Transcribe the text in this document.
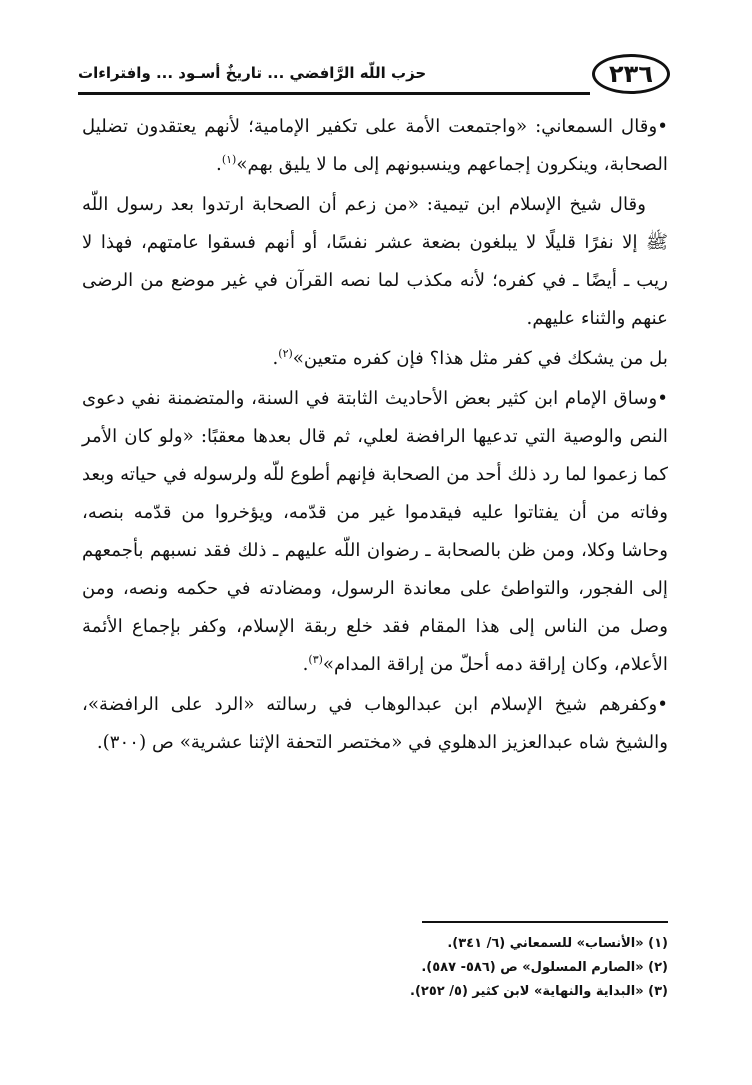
٢٣٦
حزب اللّه الرَّافضي ... تاريخٌ أسـود ... وافتراءات

•وقال السمعاني: «واجتمعت الأمة على تكفير الإمامية؛ لأنهم يعتقدون تضليل الصحابة، وينكرون إجماعهم وينسبونهم إلى ما لا يليق بهم»$^{(١)}$.

وقال شيخ الإسلام ابن تيمية: «من زعم أن الصحابة ارتدوا بعد رسول اللّه ﷺ إلا نفرًا قليلًا لا يبلغون بضعة عشر نفسًا، أو أنهم فسقوا عامتهم، فهذا لا ريب ـ أيضًا ـ في كفره؛ لأنه مكذب لما نصه القرآن في غير موضع من الرضى عنهم والثناء عليهم.

بل من يشكك في كفر مثل هذا؟ فإن كفره متعين»$^{(٢)}$.

•وساق الإمام ابن كثير بعض الأحاديث الثابتة في السنة، والمتضمنة نفي دعوى النص والوصية التي تدعيها الرافضة لعلي، ثم قال بعدها معقبًا: «ولو كان الأمر كما زعموا لما رد ذلك أحد من الصحابة فإنهم أطوع للّه ولرسوله في حياته وبعد وفاته من أن يفتاتوا عليه فيقدموا غير من قدّمه، ويؤخروا من قدّمه بنصه، وحاشا وكلا، ومن ظن بالصحابة ـ رضوان اللّه عليهم ـ ذلك فقد نسبهم بأجمعهم إلى الفجور، والتواطئ على معاندة الرسول، ومضادته في حكمه ونصه، ومن وصل من الناس إلى هذا المقام فقد خلع ربقة الإسلام، وكفر بإجماع الأئمة الأعلام، وكان إراقة دمه أحلّ من إراقة المدام»$^{(٣)}$.

•وكفرهم شيخ الإسلام ابن عبدالوهاب في رسالته «الرد على الرافضة»، والشيخ شاه عبدالعزيز الدهلوي في «مختصر التحفة الإثنا عشرية» ص (٣٠٠).

(١) «الأنساب» للسمعاني (٦/ ٣٤١).
(٢) «الصارم المسلول» ص (٥٨٦- ٥٨٧).
(٣) «البداية والنهاية» لابن كثير (٥/ ٢٥٢).
